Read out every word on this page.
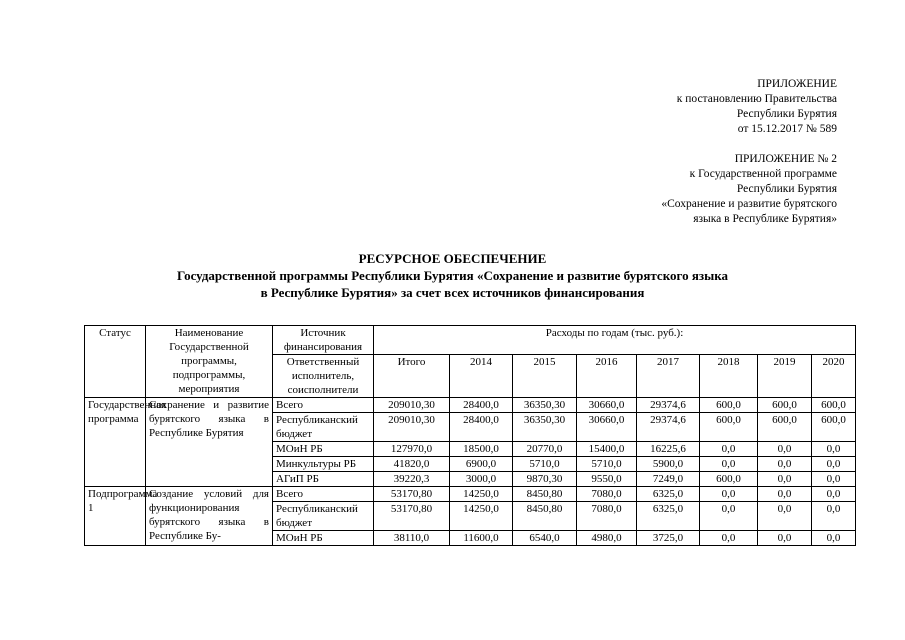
ПРИЛОЖЕНИЕ
к постановлению Правительства
Республики Бурятия
от 15.12.2017 № 589
ПРИЛОЖЕНИЕ № 2
к Государственной программе
Республики Бурятия
«Сохранение и развитие бурятского
языка в Республике Бурятия»
РЕСУРСНОЕ ОБЕСПЕЧЕНИЕ
Государственной программы Республики Бурятия «Сохранение и развитие бурятского языка
в Республике Бурятия» за счет всех источников финансирования
Статус	Наименование Государственной программы, подпрограммы, мероприятия	Источник финансирования	Расходы по годам (тыс. руб.):							
		Ответственный исполнитель, соисполнители	Итого	2014	2015	2016	2017	2018	2019	2020
Государственная программа	Сохранение и развитие бурятского языка в Республике Бурятия	Всего	209010,30	28400,0	36350,30	30660,0	29374,6	600,0	600,0	600,0
		Республиканский бюджет	209010,30	28400,0	36350,30	30660,0	29374,6	600,0	600,0	600,0
		МОиН РБ	127970,0	18500,0	20770,0	15400,0	16225,6	0,0	0,0	0,0
		Минкультуры РБ	41820,0	6900,0	5710,0	5710,0	5900,0	0,0	0,0	0,0
		АГиП РБ	39220,3	3000,0	9870,30	9550,0	7249,0	600,0	0,0	0,0
Подпрограмма 1	Создание условий для функционирования бурятского языка в Республике Бу-	Всего	53170,80	14250,0	8450,80	7080,0	6325,0	0,0	0,0	0,0
		Республиканский бюджет	53170,80	14250,0	8450,80	7080,0	6325,0	0,0	0,0	0,0
		МОиН РБ	38110,0	11600,0	6540,0	4980,0	3725,0	0,0	0,0	0,0
